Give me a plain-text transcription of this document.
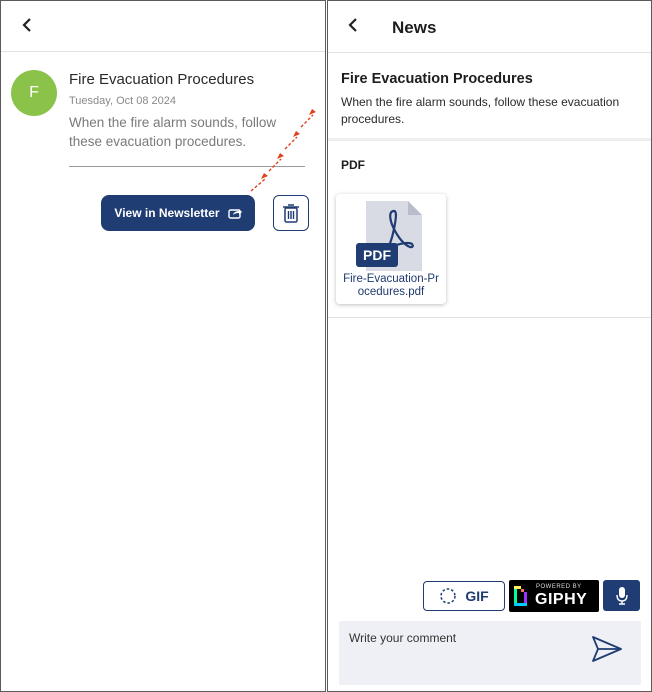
F
Fire Evacuation Procedures
Tuesday, Oct 08 2024
When the fire alarm sounds, follow these evacuation procedures.
View in Newsletter
News
Fire Evacuation Procedures
When the fire alarm sounds, follow these evacuation procedures.
PDF
PDF
Fire-Evacuation-Procedures.pdf
GIF
POWERED BY
GIPHY
Write your comment
